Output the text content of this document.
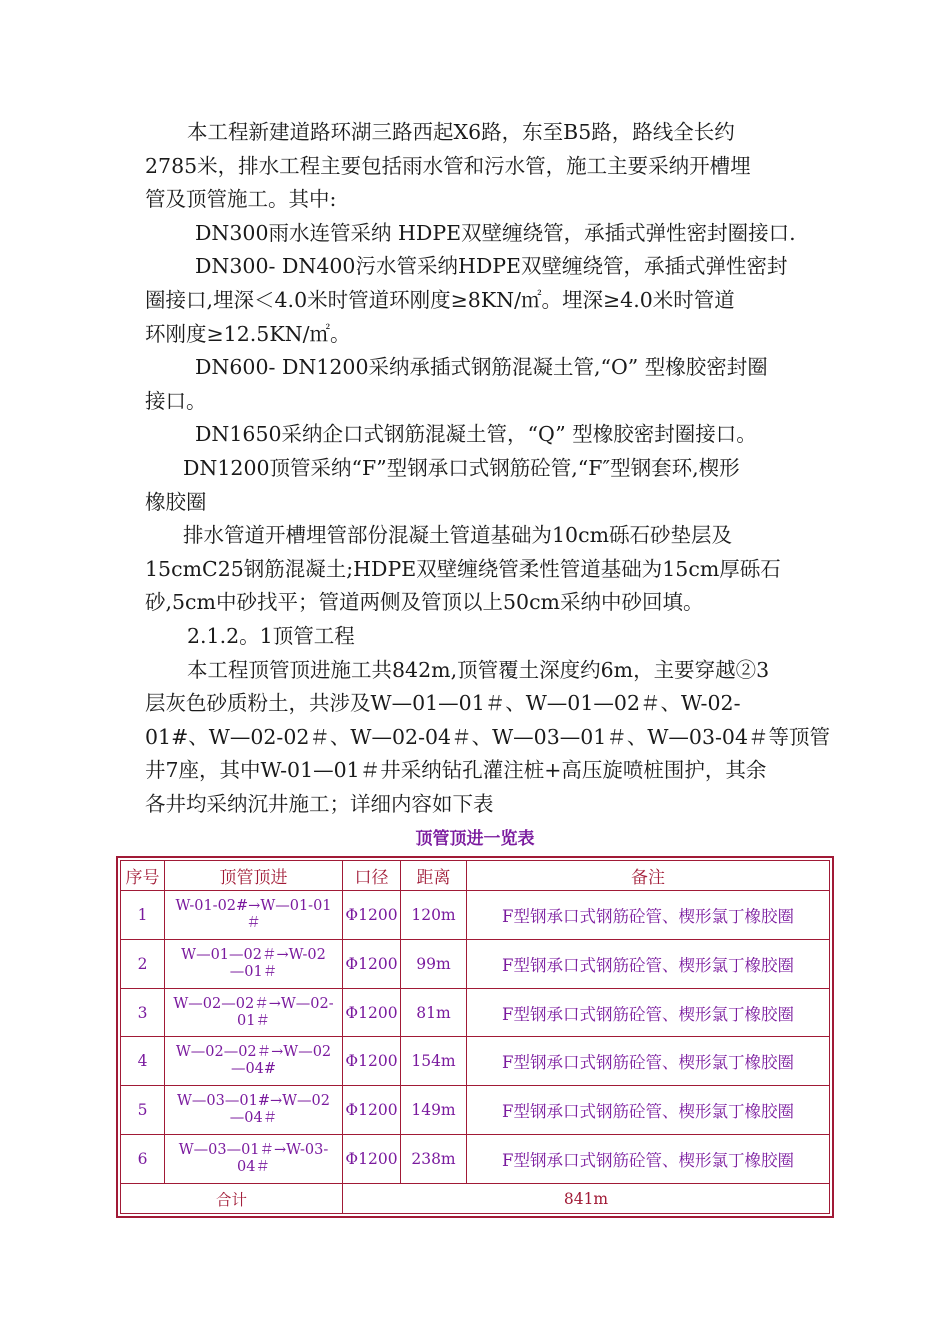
本工程新建道路环湖三路西起X6路，东至B5路，路线全长约
2785米，排水工程主要包括雨水管和污水管，施工主要采纳开槽埋
管及顶管施工。其中:
DN300雨水连管采纳 HDPE双壁缠绕管，承插式弹性密封圈接口.
DN300- DN400污水管采纳HDPE双壁缠绕管，承插式弹性密封
圈接口,埋深＜4.0米时管道环刚度≥8KN/㎡。埋深≥4.0米时管道
环刚度≥12.5KN/㎡。
DN600- DN1200采纳承插式钢筋混凝土管,“O” 型橡胶密封圈
接口。
DN1650采纳企口式钢筋混凝土管，“Q” 型橡胶密封圈接口。
DN1200顶管采纳“F”型钢承口式钢筋砼管,“F″型钢套环,楔形
橡胶圈
排水管道开槽埋管部份混凝土管道基础为10cm砾石砂垫层及
15cmC25钢筋混凝土;HDPE双壁缠绕管柔性管道基础为15cm厚砾石
砂,5cm中砂找平；管道两侧及管顶以上50cm采纳中砂回填。
2.1.2。1顶管工程
本工程顶管顶进施工共842m,顶管覆土深度约6m，主要穿越②3
层灰色砂质粉土，共涉及W—01—01＃、W—01—02＃、W-02-
01#、W—02-02＃、W—02-04＃、W—03—01＃、W—03-04＃等顶管
井7座，其中W-01—01＃井采纳钻孔灌注桩+高压旋喷桩围护，其余
各井均采纳沉井施工；详细内容如下表
顶管顶进一览表
序号	顶管顶进	口径	距离	备注
1	W-01-02#→W—01-01
＃	Φ1200	120m	F型钢承口式钢筋砼管、楔形氯丁橡胶圈
2	W—01—02＃→W-02
—01＃	Φ1200	99m	F型钢承口式钢筋砼管、楔形氯丁橡胶圈
3	W—02—02＃→W—02-
01＃	Φ1200	81m	F型钢承口式钢筋砼管、楔形氯丁橡胶圈
4	W—02—02＃→W—02
—04#	Φ1200	154m	F型钢承口式钢筋砼管、楔形氯丁橡胶圈
5	W—03—01#→W—02
—04＃	Φ1200	149m	F型钢承口式钢筋砼管、楔形氯丁橡胶圈
6	W—03—01＃→W-03-
04＃	Φ1200	238m	F型钢承口式钢筋砼管、楔形氯丁橡胶圈
合计		841m		
